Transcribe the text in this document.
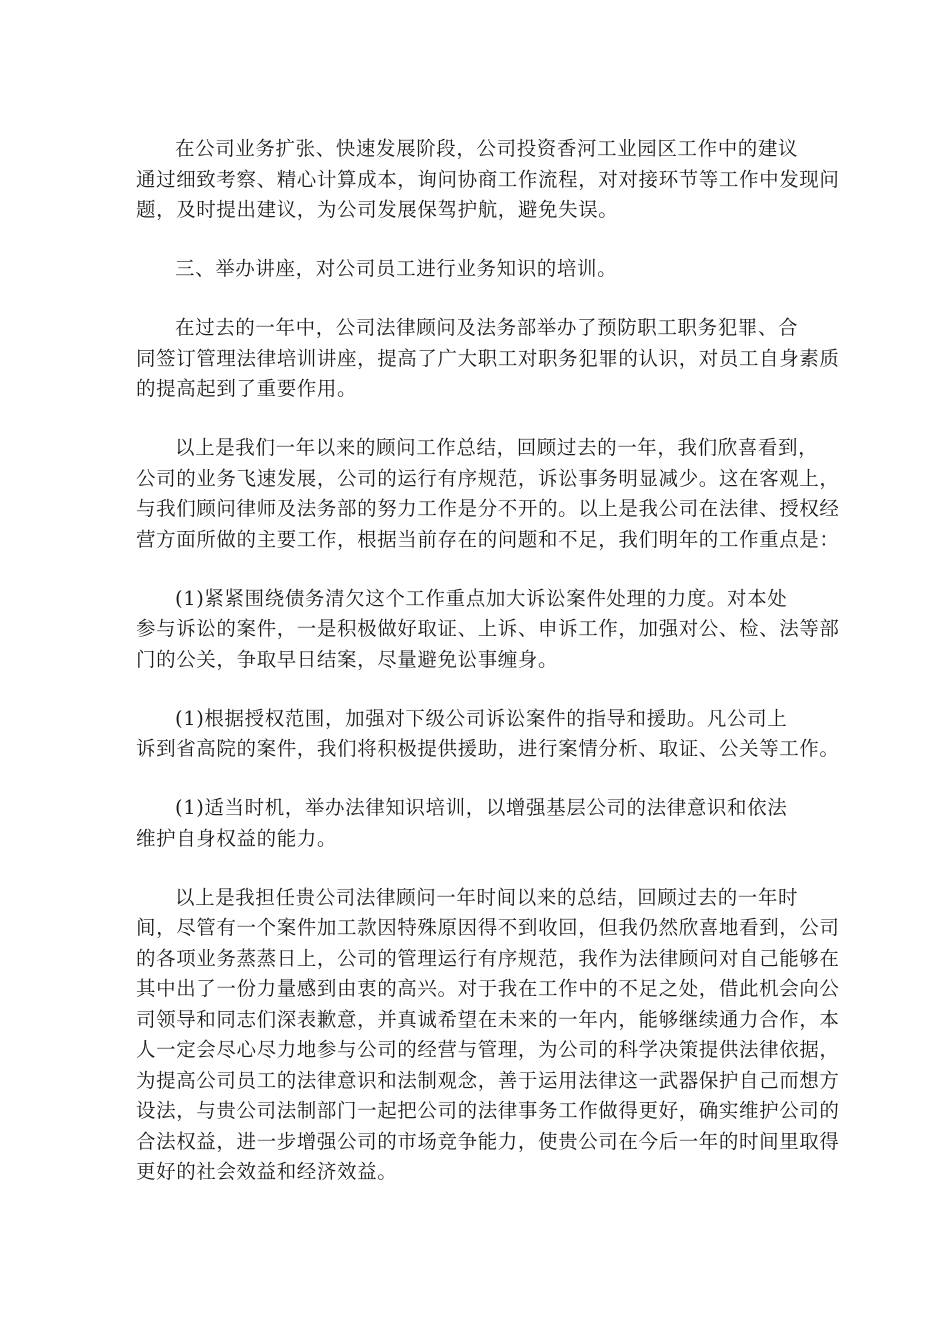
在公司业务扩张、快速发展阶段，公司投资香河工业园区工作中的建议
通过细致考察、精心计算成本，询问协商工作流程，对对接环节等工作中发现问
题，及时提出建议，为公司发展保驾护航，避免失误。
三、举办讲座，对公司员工进行业务知识的培训。
在过去的一年中，公司法律顾问及法务部举办了预防职工职务犯罪、合
同签订管理法律培训讲座，提高了广大职工对职务犯罪的认识，对员工自身素质
的提高起到了重要作用。
以上是我们一年以来的顾问工作总结，回顾过去的一年，我们欣喜看到，
公司的业务飞速发展，公司的运行有序规范，诉讼事务明显减少。这在客观上，
与我们顾问律师及法务部的努力工作是分不开的。以上是我公司在法律、授权经
营方面所做的主要工作，根据当前存在的问题和不足，我们明年的工作重点是：
(1)紧紧围绕债务清欠这个工作重点加大诉讼案件处理的力度。对本处
参与诉讼的案件，一是积极做好取证、上诉、申诉工作，加强对公、检、法等部
门的公关，争取早日结案，尽量避免讼事缠身。
(1)根据授权范围，加强对下级公司诉讼案件的指导和援助。凡公司上
诉到省高院的案件，我们将积极提供援助，进行案情分析、取证、公关等工作。
(1)适当时机，举办法律知识培训，以增强基层公司的法律意识和依法
维护自身权益的能力。
以上是我担任贵公司法律顾问一年时间以来的总结，回顾过去的一年时
间，尽管有一个案件加工款因特殊原因得不到收回，但我仍然欣喜地看到，公司
的各项业务蒸蒸日上，公司的管理运行有序规范，我作为法律顾问对自己能够在
其中出了一份力量感到由衷的高兴。对于我在工作中的不足之处，借此机会向公
司领导和同志们深表歉意，并真诚希望在未来的一年内，能够继续通力合作，本
人一定会尽心尽力地参与公司的经营与管理，为公司的科学决策提供法律依据，
为提高公司员工的法律意识和法制观念，善于运用法律这一武器保护自己而想方
设法，与贵公司法制部门一起把公司的法律事务工作做得更好，确实维护公司的
合法权益，进一步增强公司的市场竞争能力，使贵公司在今后一年的时间里取得
更好的社会效益和经济效益。
